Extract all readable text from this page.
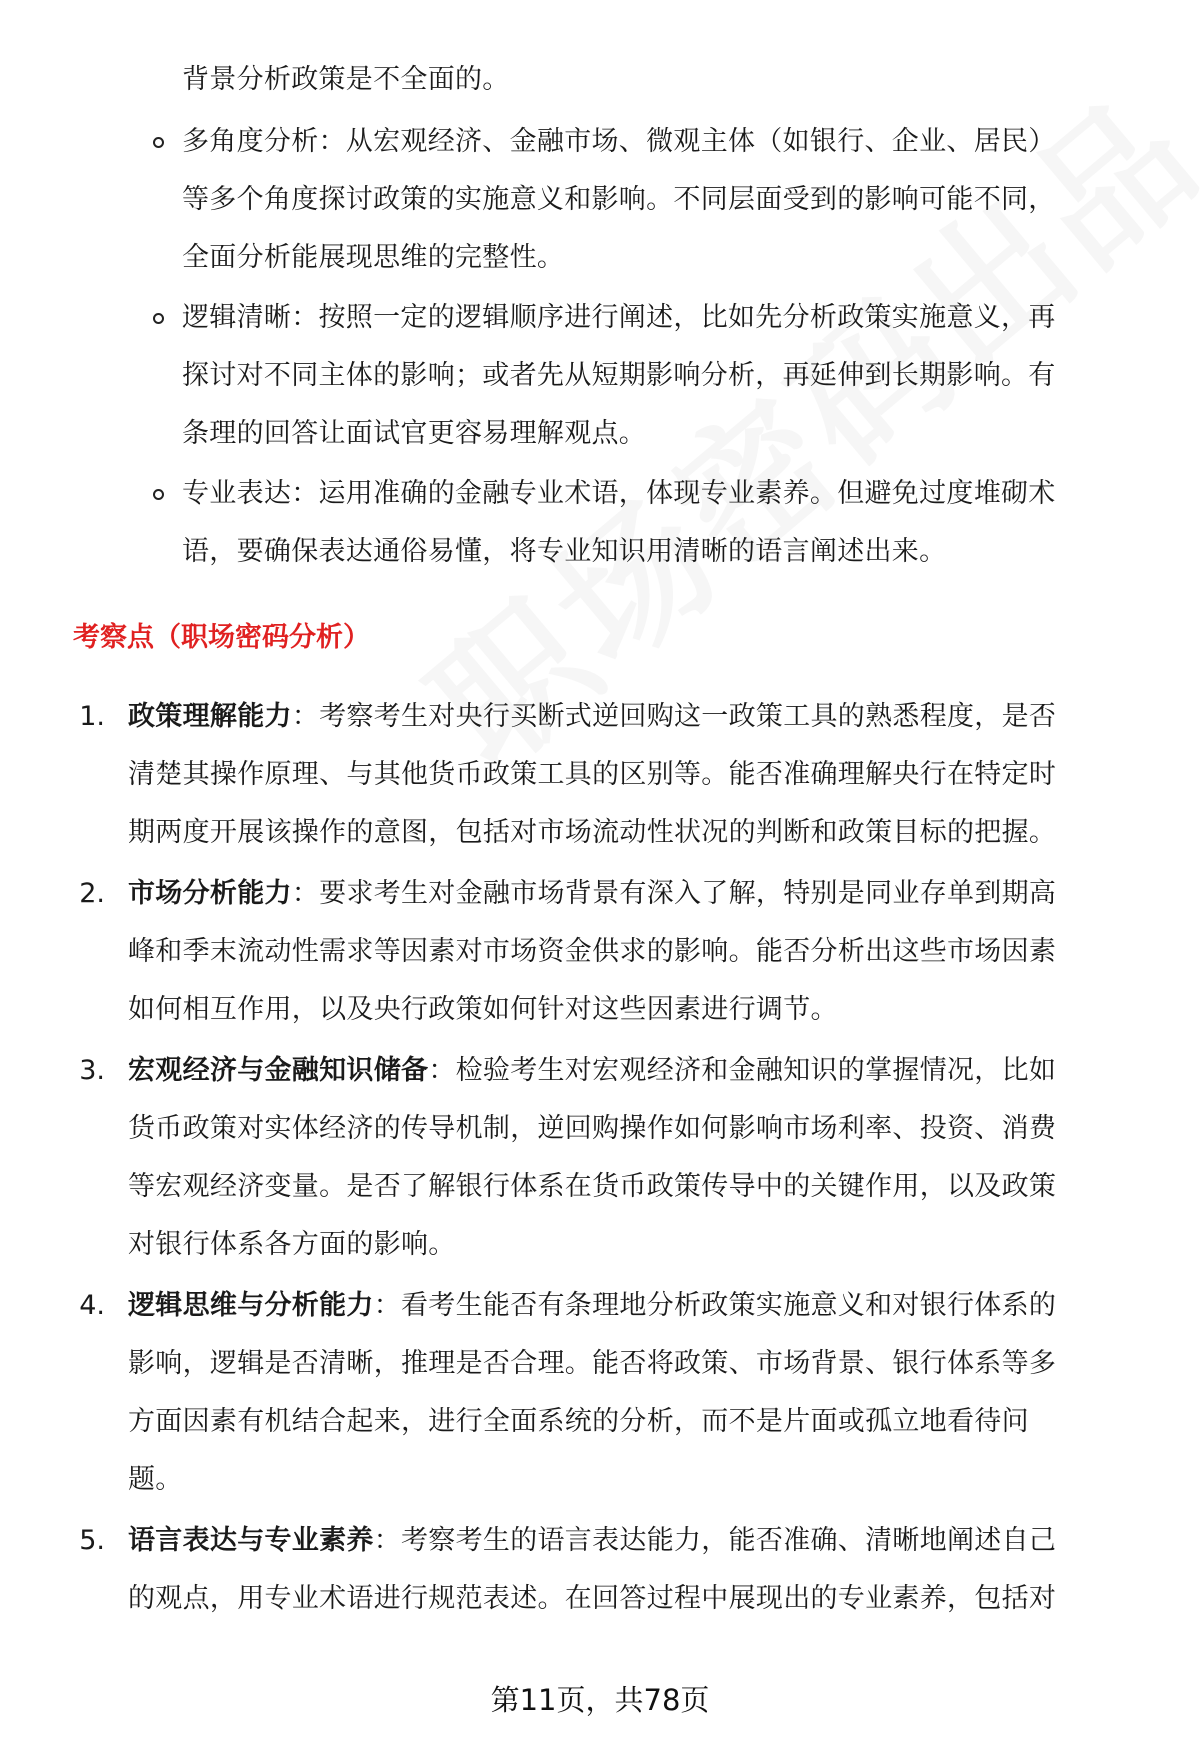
背景分析政策是不全面的。
多角度分析：从宏观经济、金融市场、微观主体（如银行、企业、居民）
等多个角度探讨政策的实施意义和影响。不同层面受到的影响可能不同，
全面分析能展现思维的完整性。
逻辑清晰：按照一定的逻辑顺序进行阐述，比如先分析政策实施意义，再
探讨对不同主体的影响；或者先从短期影响分析，再延伸到长期影响。有
条理的回答让面试官更容易理解观点。
专业表达：运用准确的金融专业术语，体现专业素养。但避免过度堆砌术
语，要确保表达通俗易懂，将专业知识用清晰的语言阐述出来。
考察点（职场密码分析）
1. 政策理解能力：考察考生对央行买断式逆回购这一政策工具的熟悉程度，是否
清楚其操作原理、与其他货币政策工具的区别等。能否准确理解央行在特定时
期两度开展该操作的意图，包括对市场流动性状况的判断和政策目标的把握。
2. 市场分析能力：要求考生对金融市场背景有深入了解，特别是同业存单到期高
峰和季末流动性需求等因素对市场资金供求的影响。能否分析出这些市场因素
如何相互作用，以及央行政策如何针对这些因素进行调节。
3. 宏观经济与金融知识储备：检验考生对宏观经济和金融知识的掌握情况，比如
货币政策对实体经济的传导机制，逆回购操作如何影响市场利率、投资、消费
等宏观经济变量。是否了解银行体系在货币政策传导中的关键作用，以及政策
对银行体系各方面的影响。
4. 逻辑思维与分析能力：看考生能否有条理地分析政策实施意义和对银行体系的
影响，逻辑是否清晰，推理是否合理。能否将政策、市场背景、银行体系等多
方面因素有机结合起来，进行全面系统的分析，而不是片面或孤立地看待问
题。
5. 语言表达与专业素养：考察考生的语言表达能力，能否准确、清晰地阐述自己
的观点，用专业术语进行规范表述。在回答过程中展现出的专业素养，包括对
第11页，共78页
